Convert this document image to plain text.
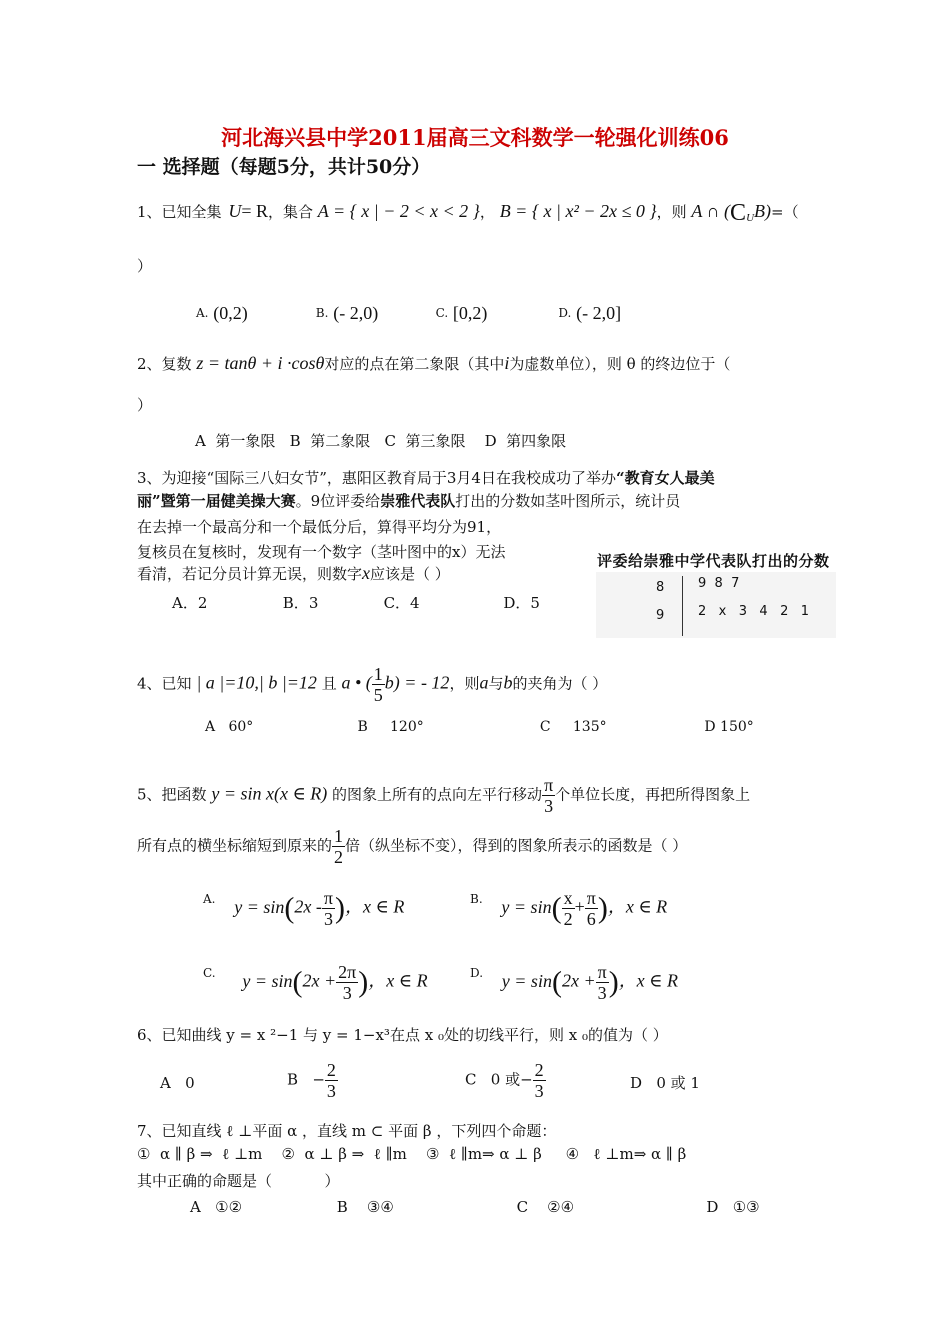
河北海兴县中学2011届高三文科数学一轮强化训练06
一 选择题（每题5分，共计50分）
1、已知全集 U= R，集合 A = { x | − 2 < x < 2 }， B = { x | x² − 2x ≤ 0 }，则 A ∩ $(C_UB)=$（
）
$^{A.}$ (0,2)	$^{B.}$ (- 2,0)	$^{C.}$ [0,2)	$^{D.}$ (- 2,0]
2、复数 z = tanθ + i ·cosθ对应的点在第二象限（其中i为虚数单位），则 θ 的终边位于（
）
A  第一象限   B  第二象限   C  第三象限    D  第四象限
3、为迎接“国际三八妇女节”，惠阳区教育局于3月4日在我校成功了举办“教育女人最美
丽”暨第一届健美操大赛。9位评委给崇雅代表队打出的分数如茎叶图所示，统计员
在去掉一个最高分和一个最低分后，算得平均分为91，
复核员在复核时，发现有一个数字（茎叶图中的x）无法
看清，若记分员计算无误，则数字x应该是（ ）
A．2	B．3	C．4	D．5
评委给崇雅中学代表队打出的分数
8	9  8  7
9	2   x   3   4   2   1
4、已知 | a |=10,| b |=12 且 a • ( $\frac{1}{5} b$) = - 12，则a与b的夹角为（ ）
A 60°	B 120°	C 135°	D 150°
5、把函数 y = sin x(x ∈ R) 的图象上所有的点向左平行移动 $\frac{\pi}{3}$ 个单位长度，再把所得图象上
所有点的横坐标缩短到原来的 $\frac{1}{2}$ 倍（纵坐标不变），得到的图象所表示的函数是（ ）
$^{A.}$ $y = \sin(2x - \frac{\pi}{3}$ )，x ∈ R	$^{B.}$ $y = \sin( \frac{x}{2} + \frac{\pi}{6}$ )，x ∈ R
$^{C.}$ $y = \sin(2x + \frac{2\pi}{3}$ )，x ∈ R	$^{D.}$ $y = \sin(2x + \frac{\pi}{3}$ )，x ∈ R
6、已知曲线 y = x ²−1 与 y = 1−x³在点 x ₀处的切线平行，则 x ₀的值为（ ）
A   0	$B - \frac{2}{3}$	C   0 或− $\frac{2}{3}$	D   0 或 1
7、已知直线 ℓ ⊥平面 α ，直线 m ⊂ 平面 β ，下列四个命题：
①  α ∥ β ⇒  ℓ ⊥m    ②  α ⊥ β ⇒  ℓ ∥m    ③  ℓ ∥m⇒ α ⊥ β     ④   ℓ ⊥m⇒ α ∥ β
其中正确的命题是（           ）
A ①②	B ③④	C ②④	D ①③
